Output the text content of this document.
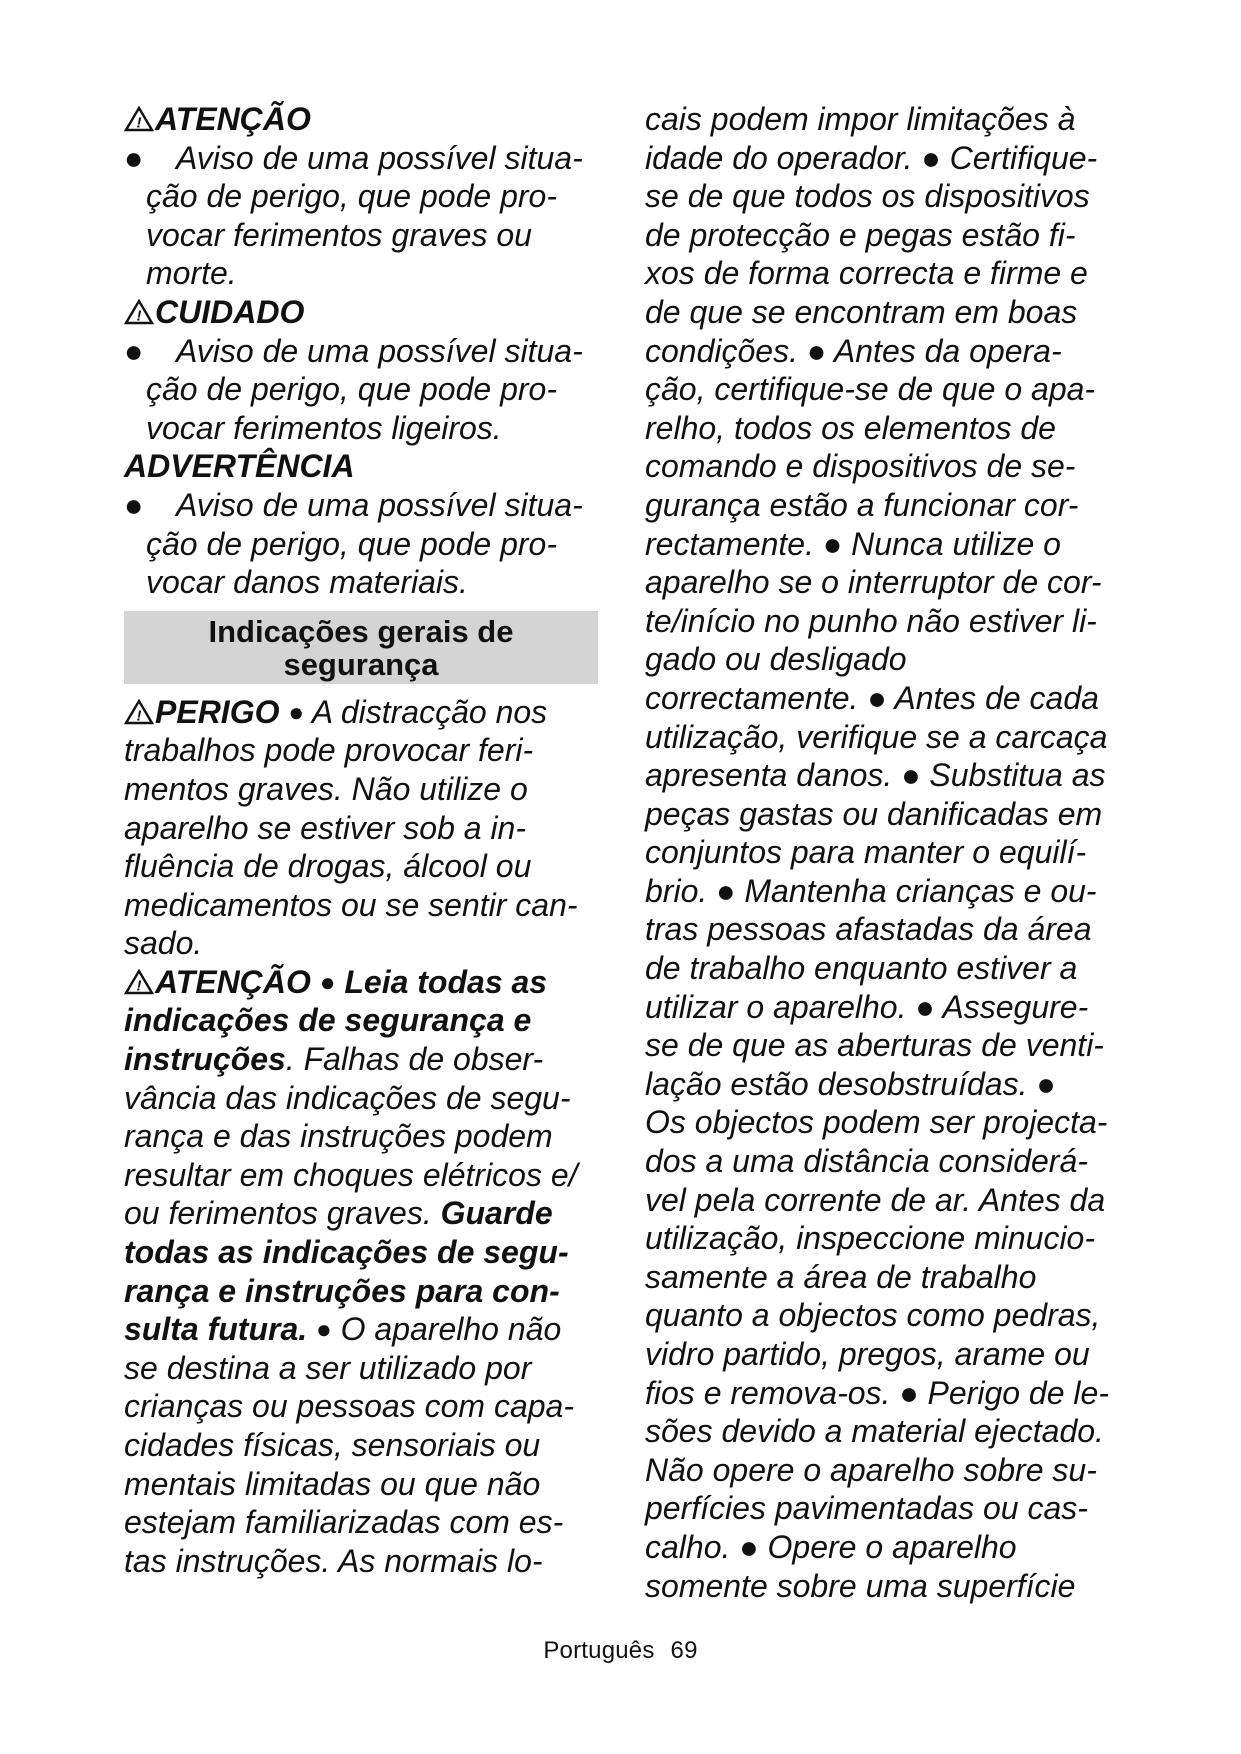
! ATENÇÃO

● Aviso de uma possível situa-

ção de perigo, que pode pro-

vocar ferimentos graves ou

morte.

! CUIDADO

● Aviso de uma possível situa-

ção de perigo, que pode pro-

vocar ferimentos ligeiros.

ADVERTÊNCIA

● Aviso de uma possível situa-

ção de perigo, que pode pro-

vocar danos materiais.

Indicações gerais de
segurança

! PERIGO ● A distracção nos

trabalhos pode provocar feri-

mentos graves. Não utilize o

aparelho se estiver sob a in-

fluência de drogas, álcool ou

medicamentos ou se sentir can-

sado.

! ATENÇÃO ● Leia todas as

indicações de segurança e

instruções. Falhas de obser-

vância das indicações de segu-

rança e das instruções podem

resultar em choques elétricos e/

ou ferimentos graves. Guarde

todas as indicações de segu-

rança e instruções para con-

sulta futura. ● O aparelho não

se destina a ser utilizado por

crianças ou pessoas com capa-

cidades físicas, sensoriais ou

mentais limitadas ou que não

estejam familiarizadas com es-

tas instruções. As normais lo-

cais podem impor limitações à

idade do operador. ● Certifique-

se de que todos os dispositivos

de protecção e pegas estão fi-

xos de forma correcta e firme e

de que se encontram em boas

condições. ● Antes da opera-

ção, certifique-se de que o apa-

relho, todos os elementos de

comando e dispositivos de se-

gurança estão a funcionar cor-

rectamente. ● Nunca utilize o

aparelho se o interruptor de cor-

te/início no punho não estiver li-

gado ou desligado

correctamente. ● Antes de cada

utilização, verifique se a carcaça

apresenta danos. ● Substitua as

peças gastas ou danificadas em

conjuntos para manter o equilí-

brio. ● Mantenha crianças e ou-

tras pessoas afastadas da área

de trabalho enquanto estiver a

utilizar o aparelho. ● Assegure-

se de que as aberturas de venti-

lação estão desobstruídas. ●

Os objectos podem ser projecta-

dos a uma distância considerá-

vel pela corrente de ar. Antes da

utilização, inspeccione minucio-

samente a área de trabalho

quanto a objectos como pedras,

vidro partido, pregos, arame ou

fios e remova-os. ● Perigo de le-

sões devido a material ejectado.

Não opere o aparelho sobre su-

perfícies pavimentadas ou cas-

calho. ● Opere o aparelho

somente sobre uma superfície

Português 69
